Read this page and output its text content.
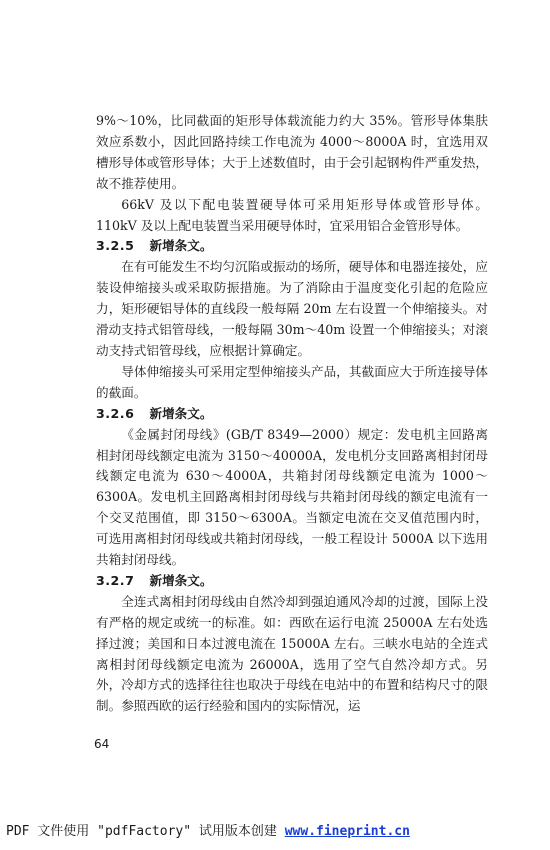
9%～10%，比同截面的矩形导体载流能力约大 35%。管形导体集肤效应系数小，因此回路持续工作电流为 4000～8000A 时，宜选用双槽形导体或管形导体；大于上述数值时，由于会引起钢构件严重发热，故不推荐使用。

66kV 及以下配电装置硬导体可采用矩形导体或管形导体。110kV 及以上配电装置当采用硬导体时，宜采用铝合金管形导体。

3.2.5 新增条文。

在有可能发生不均匀沉陷或振动的场所，硬导体和电器连接处，应装设伸缩接头或采取防振措施。为了消除由于温度变化引起的危险应力，矩形硬铝导体的直线段一般每隔 20m 左右设置一个伸缩接头。对滑动支持式铝管母线，一般每隔 30m～40m 设置一个伸缩接头；对滚动支持式铝管母线，应根据计算确定。

导体伸缩接头可采用定型伸缩接头产品，其截面应大于所连接导体的截面。

3.2.6 新增条文。

《金属封闭母线》(GB/T 8349—2000）规定：发电机主回路离相封闭母线额定电流为 3150～40000A，发电机分支回路离相封闭母线额定电流为 630～4000A，共箱封闭母线额定电流为 1000～6300A。发电机主回路离相封闭母线与共箱封闭母线的额定电流有一个交叉范围值，即 3150～6300A。当额定电流在交叉值范围内时，可选用离相封闭母线或共箱封闭母线，一般工程设计 5000A 以下选用共箱封闭母线。

3.2.7 新增条文。

全连式离相封闭母线由自然冷却到强迫通风冷却的过渡，国际上没有严格的规定或统一的标准。如：西欧在运行电流 25000A 左右处选择过渡；美国和日本过渡电流在 15000A 左右。三峡水电站的全连式离相封闭母线额定电流为 26000A，选用了空气自然冷却方式。另外，冷却方式的选择往往也取决于母线在电站中的布置和结构尺寸的限制。参照西欧的运行经验和国内的实际情况，运

64
PDF 文件使用 "pdfFactory" 试用版本创建 www.fineprint.cn
